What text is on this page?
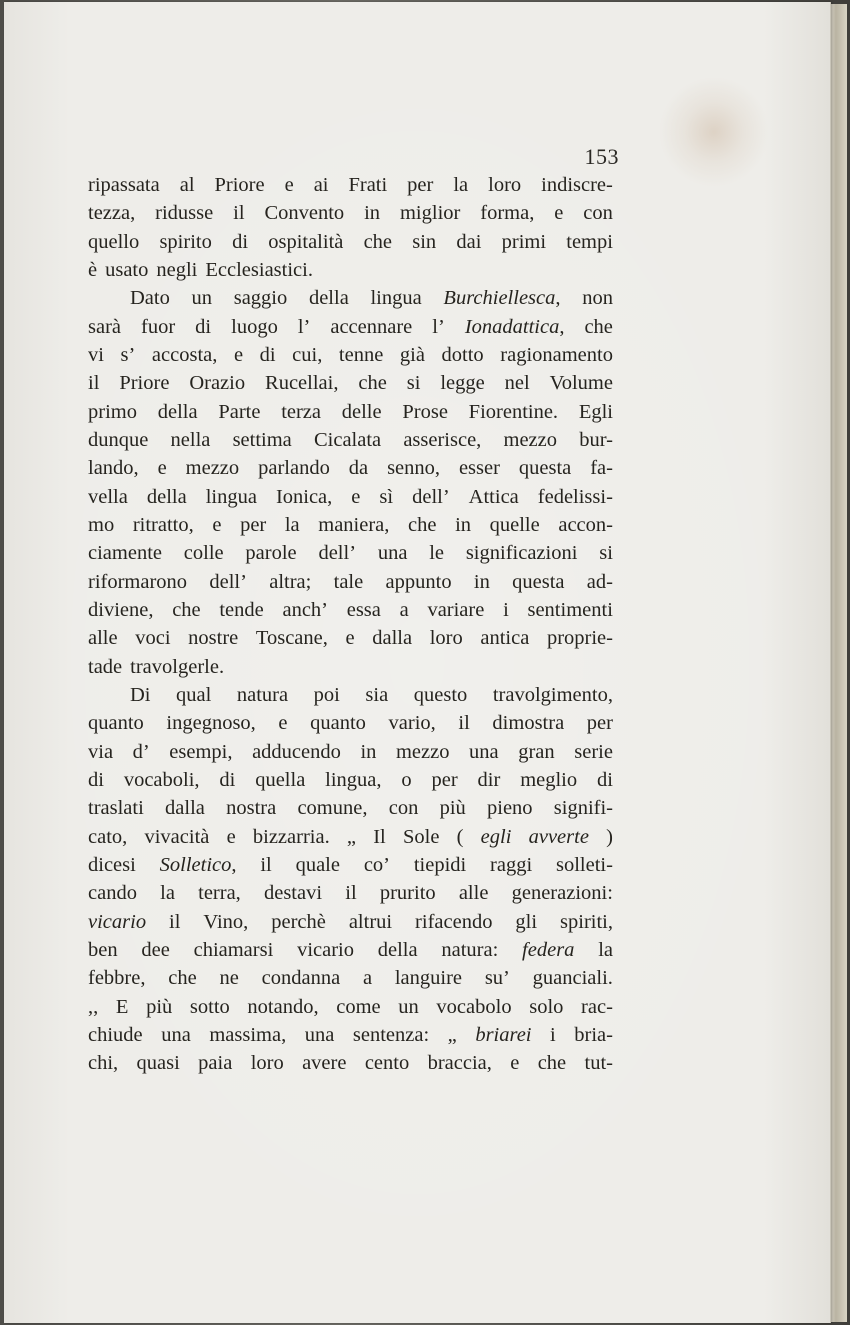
153
ripassata al Priore e ai Frati per la loro indiscre-
tezza, ridusse il Convento in miglior forma, e con
quello spirito di ospitalità che sin dai primi tempi
è usato negli Ecclesiastici.
Dato un saggio della lingua Burchiellesca, non
sarà fuor di luogo l’ accennare l’ Ionadattica, che
vi s’ accosta, e di cui, tenne già dotto ragionamento
il Priore Orazio Rucellai, che si legge nel Volume
primo della Parte terza delle Prose Fiorentine. Egli
dunque nella settima Cicalata asserisce, mezzo bur-
lando, e mezzo parlando da senno, esser questa fa-
vella della lingua Ionica, e sì dell’ Attica fedelissi-
mo ritratto, e per la maniera, che in quelle accon-
ciamente colle parole dell’ una le significazioni si
riformarono dell’ altra; tale appunto in questa ad-
diviene, che tende anch’ essa a variare i sentimenti
alle voci nostre Toscane, e dalla loro antica proprie-
tade travolgerle.
Di qual natura poi sia questo travolgimento,
quanto ingegnoso, e quanto vario, il dimostra per
via d’ esempi, adducendo in mezzo una gran serie
di vocaboli, di quella lingua, o per dir meglio di
traslati dalla nostra comune, con più pieno signifi-
cato, vivacità e bizzarria. „ Il Sole ( egli avverte )
dicesi Solletico, il quale co’ tiepidi raggi solleti-
cando la terra, destavi il prurito alle generazioni:
vicario il Vino, perchè altrui rifacendo gli spiriti,
ben dee chiamarsi vicario della natura: federa la
febbre, che ne condanna a languire su’ guanciali.
,, E più sotto notando, come un vocabolo solo rac-
chiude una massima, una sentenza: „ briarei i bria-
chi, quasi paia loro avere cento braccia, e che tut-
